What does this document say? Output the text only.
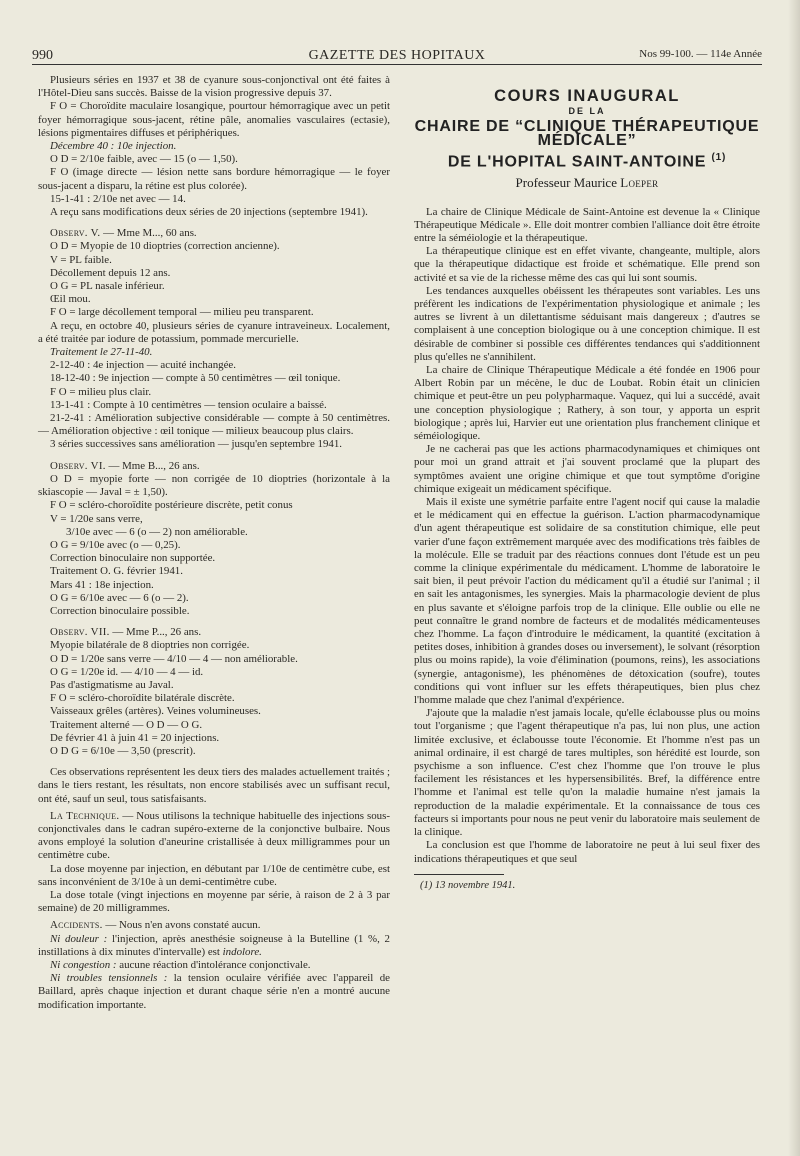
990	GAZETTE DES HOPITAUX	Nos 99-100. — 114e Année

Plusieurs séries en 1937 et 38 de cyanure sous-conjonctival ont été faites à l'Hôtel-Dieu sans succès. Baisse de la vision progressive depuis 37.

F O = Choroïdite maculaire losangique, pourtour hémorragique avec un petit foyer hémorragique sous-jacent, rétine pâle, anomalies vasculaires (ectasie), lésions pigmentaires diffuses et périphériques.

Décembre 40 : 10e injection.

O D = 2/10e faible, avec — 15 (o — 1,50).

F O (image directe — lésion nette sans bordure hémorragique — le foyer sous-jacent a disparu, la rétine est plus colorée).

15-1-41 : 2/10e net avec — 14.

A reçu sans modifications deux séries de 20 injections (septembre 1941).

Observ. V. — Mme M..., 60 ans.

O D = Myopie de 10 dioptries (correction ancienne).

V = PL faible.

Décollement depuis 12 ans.

O G = PL nasale inférieur.

Œil mou.

F O = large décollement temporal — milieu peu transparent.

A reçu, en octobre 40, plusieurs séries de cyanure intraveineux. Localement, a été traitée par iodure de potassium, pommade mercurielle.

Traitement le 27-11-40.

2-12-40 : 4e injection — acuité inchangée.

18-12-40 : 9e injection — compte à 50 centimètres — œil tonique.

F O = milieu plus clair.

13-1-41 : Compte à 10 centimètres — tension oculaire a baissé.

21-2-41 : Amélioration subjective considérable — compte à 50 centimètres. — Amélioration objective : œil tonique — milieux beaucoup plus clairs.

3 séries successives sans amélioration — jusqu'en septembre 1941.

Observ. VI. — Mme B..., 26 ans.

O D = myopie forte — non corrigée de 10 dioptries (horizontale à la skiascopie — Javal = ± 1,50).

F O = scléro-choroïdite postérieure discrète, petit conus

V = 1/20e sans verre,

3/10e avec — 6 (o — 2) non améliorable.

O G = 9/10e avec (o — 0,25).

Correction binoculaire non supportée.

Traitement O. G. février 1941.

Mars 41 : 18e injection.

O G = 6/10e avec — 6 (o — 2).

Correction binoculaire possible.

Observ. VII. — Mme P..., 26 ans.

Myopie bilatérale de 8 dioptries non corrigée.

O D = 1/20e sans verre — 4/10 — 4 — non améliorable.

O G = 1/20e id. — 4/10 — 4 — id.

Pas d'astigmatisme au Javal.

F O = scléro-choroïdite bilatérale discrète.

Vaisseaux grêles (artères). Veines volumineuses.

Traitement alterné — O D — O G.

De février 41 à juin 41 = 20 injections.

O D G = 6/10e — 3,50 (prescrit).

Ces observations représentent les deux tiers des malades actuellement traités ; dans le tiers restant, les résultats, non encore stabilisés avec un suffisant recul, ont été, sauf un seul, tous satisfaisants.

La Technique. — Nous utilisons la technique habituelle des injections sous-conjonctivales dans le cadran supéro-externe de la conjonctive bulbaire. Nous avons employé la solution d'aneurine cristallisée à deux milligrammes pour un centimètre cube.

La dose moyenne par injection, en débutant par 1/10e de centimètre cube, est sans inconvénient de 3/10e à un demi-centimètre cube.

La dose totale (vingt injections en moyenne par série, à raison de 2 à 3 par semaine) de 20 milligrammes.

Accidents. — Nous n'en avons constaté aucun.

Ni douleur : l'injection, après anesthésie soigneuse à la Butelline (1 %, 2 instillations à dix minutes d'intervalle) est indolore.

Ni congestion : aucune réaction d'intolérance conjonctivale.

Ni troubles tensionnels : la tension oculaire vérifiée avec l'appareil de Baillard, après chaque injection et durant chaque série n'en a montré aucune modification importante.

COURS INAUGURAL
DE LA
CHAIRE DE “CLINIQUE THÉRAPEUTIQUE MÉDICALE”
DE L'HOPITAL SAINT-ANTOINE $^{(1)}$
Professeur Maurice Loeper

La chaire de Clinique Médicale de Saint-Antoine est devenue la « Clinique Thérapeutique Médicale ». Elle doit montrer combien l'alliance doit être étroite entre la séméiologie et la thérapeutique.

La thérapeutique clinique est en effet vivante, changeante, multiple, alors que la thérapeutique didactique est froide et schématique. Elle prend son activité et sa vie de la richesse même des cas qui lui sont soumis.

Les tendances auxquelles obéissent les thérapeutes sont variables. Les uns préfèrent les indications de l'expérimentation physiologique et animale ; les autres se livrent à un dilettantisme séduisant mais dangereux ; d'autres se complaisent à une conception biologique ou à une conception chimique. Il est désirable de combiner si possible ces différentes tendances qui s'additionnent plus qu'elles ne s'annihilent.

La chaire de Clinique Thérapeutique Médicale a été fondée en 1906 pour Albert Robin par un mécène, le duc de Loubat. Robin était un clinicien chimique et peut-être un peu polypharmaque. Vaquez, qui lui a succédé, avait une conception physiologique ; Rathery, à son tour, y apporta un esprit biologique ; après lui, Harvier eut une orientation plus franchement clinique et séméiologique.

Je ne cacherai pas que les actions pharmacodynamiques et chimiques ont pour moi un grand attrait et j'ai souvent proclamé que la plupart des symptômes avaient une origine chimique et que tout symptôme d'origine chimique exigeait un médicament spécifique.

Mais il existe une symétrie parfaite entre l'agent nocif qui cause la maladie et le médicament qui en effectue la guérison. L'action pharmacodynamique d'un agent thérapeutique est solidaire de sa constitution chimique, elle peut varier d'une façon extrêmement marquée avec des modifications très faibles de la molécule. Elle se traduit par des réactions connues dont l'étude est un peu comme la clinique expérimentale du médicament. L'homme de laboratoire le sait bien, il peut prévoir l'action du médicament qu'il a étudié sur l'animal ; il en sait les antagonismes, les synergies. Mais la pharmacologie devient de plus en plus savante et s'éloigne parfois trop de la clinique. Elle oublie ou elle ne peut connaître le grand nombre de facteurs et de modalités médicamenteuses chez l'homme. La façon d'introduire le médicament, la quantité (excitation à petites doses, inhibition à grandes doses ou inversement), le solvant (résorption plus ou moins rapide), la voie d'élimination (poumons, reins), les associations (synergie, antagonisme), les phénomènes de détoxication (soufre), toutes conditions qui vont influer sur les effets thérapeutiques, bien plus chez l'homme malade que chez l'animal d'expérience.

J'ajoute que la maladie n'est jamais locale, qu'elle éclabousse plus ou moins tout l'organisme ; que l'agent thérapeutique n'a pas, lui non plus, une action limitée exclusive, et éclabousse toute l'économie. Et l'homme n'est pas un animal ordinaire, il est chargé de tares multiples, son hérédité est lourde, son psychisme a son influence. C'est chez l'homme que l'on trouve le plus facilement les résistances et les hypersensibilités. Bref, la différence entre l'homme et l'animal est telle qu'on la maladie humaine n'est jamais la reproduction de la maladie expérimentale. Et la connaissance de tous ces facteurs si importants pour nous ne peut venir du laboratoire mais seulement de la clinique.

La conclusion est que l'homme de laboratoire ne peut à lui seul fixer des indications thérapeutiques et que seul

(1) 13 novembre 1941.
